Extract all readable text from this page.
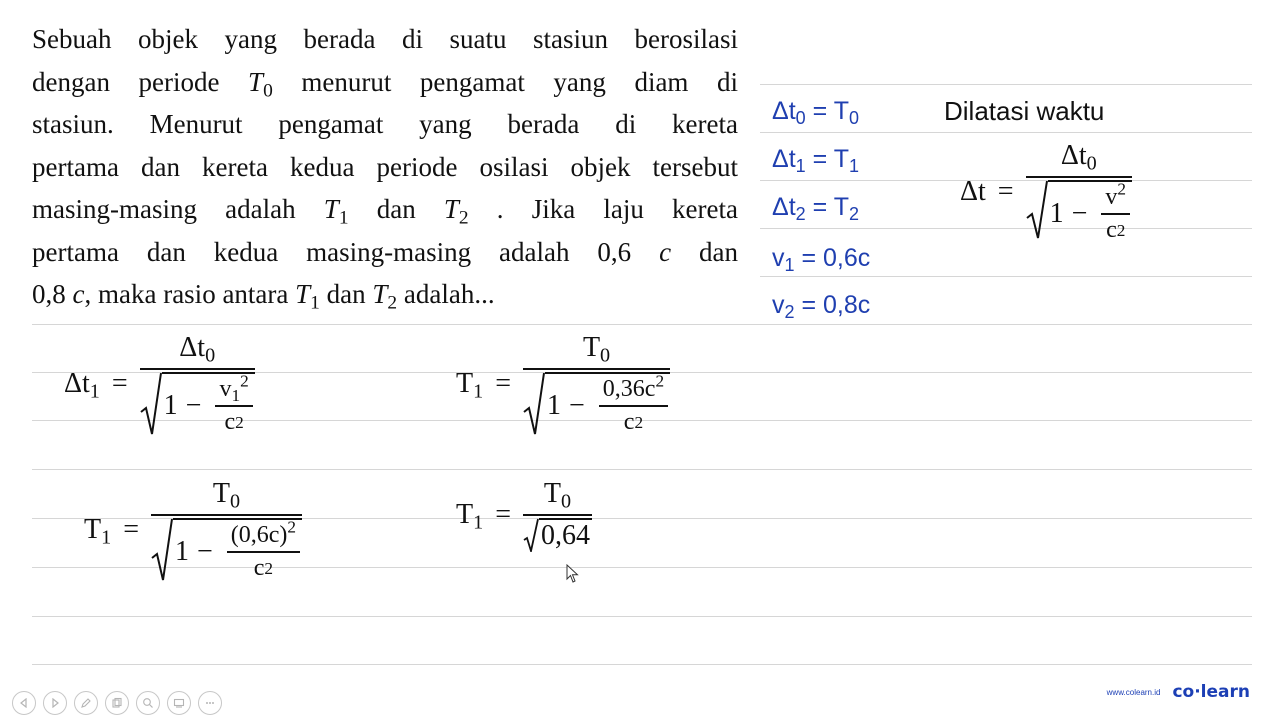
Sebuah objek yang berada di suatu stasiun berosilasi
dengan periode $T_0$ menurut pengamat yang diam di
stasiun. Menurut pengamat yang berada di kereta
pertama dan kereta kedua periode osilasi objek tersebut
masing-masing adalah $T_1$ dan $T_2$ . Jika laju kereta
pertama dan kedua masing-masing adalah 0,6 c dan
0,8 c, maka rasio antara $T_1$ dan $T_2$ adalah...
$\Delta t_0 = T_0$
$\Delta t_1 = T_1$
$\Delta t_2 = T_2$
$v_1 = 0,6c$
$v_2 = 0,8c$
Dilatasi waktu
$\Delta t = \frac{\Delta t_0}{1 - \frac{v^2}{c 2}}$
$\Delta t_1 = \frac{\Delta t_0}{1 - \frac{v_1^2}{c 2}}$	$T_1 = \frac{T_0}{1 - \frac{0,36c^2}{c 2}}$
$T_1 = \frac{T_0}{1 - \frac{(0,6c)^2}{c 2}}$	$T_1 = \frac{T_0}{0,64}$
www.colearn.id co·learn
